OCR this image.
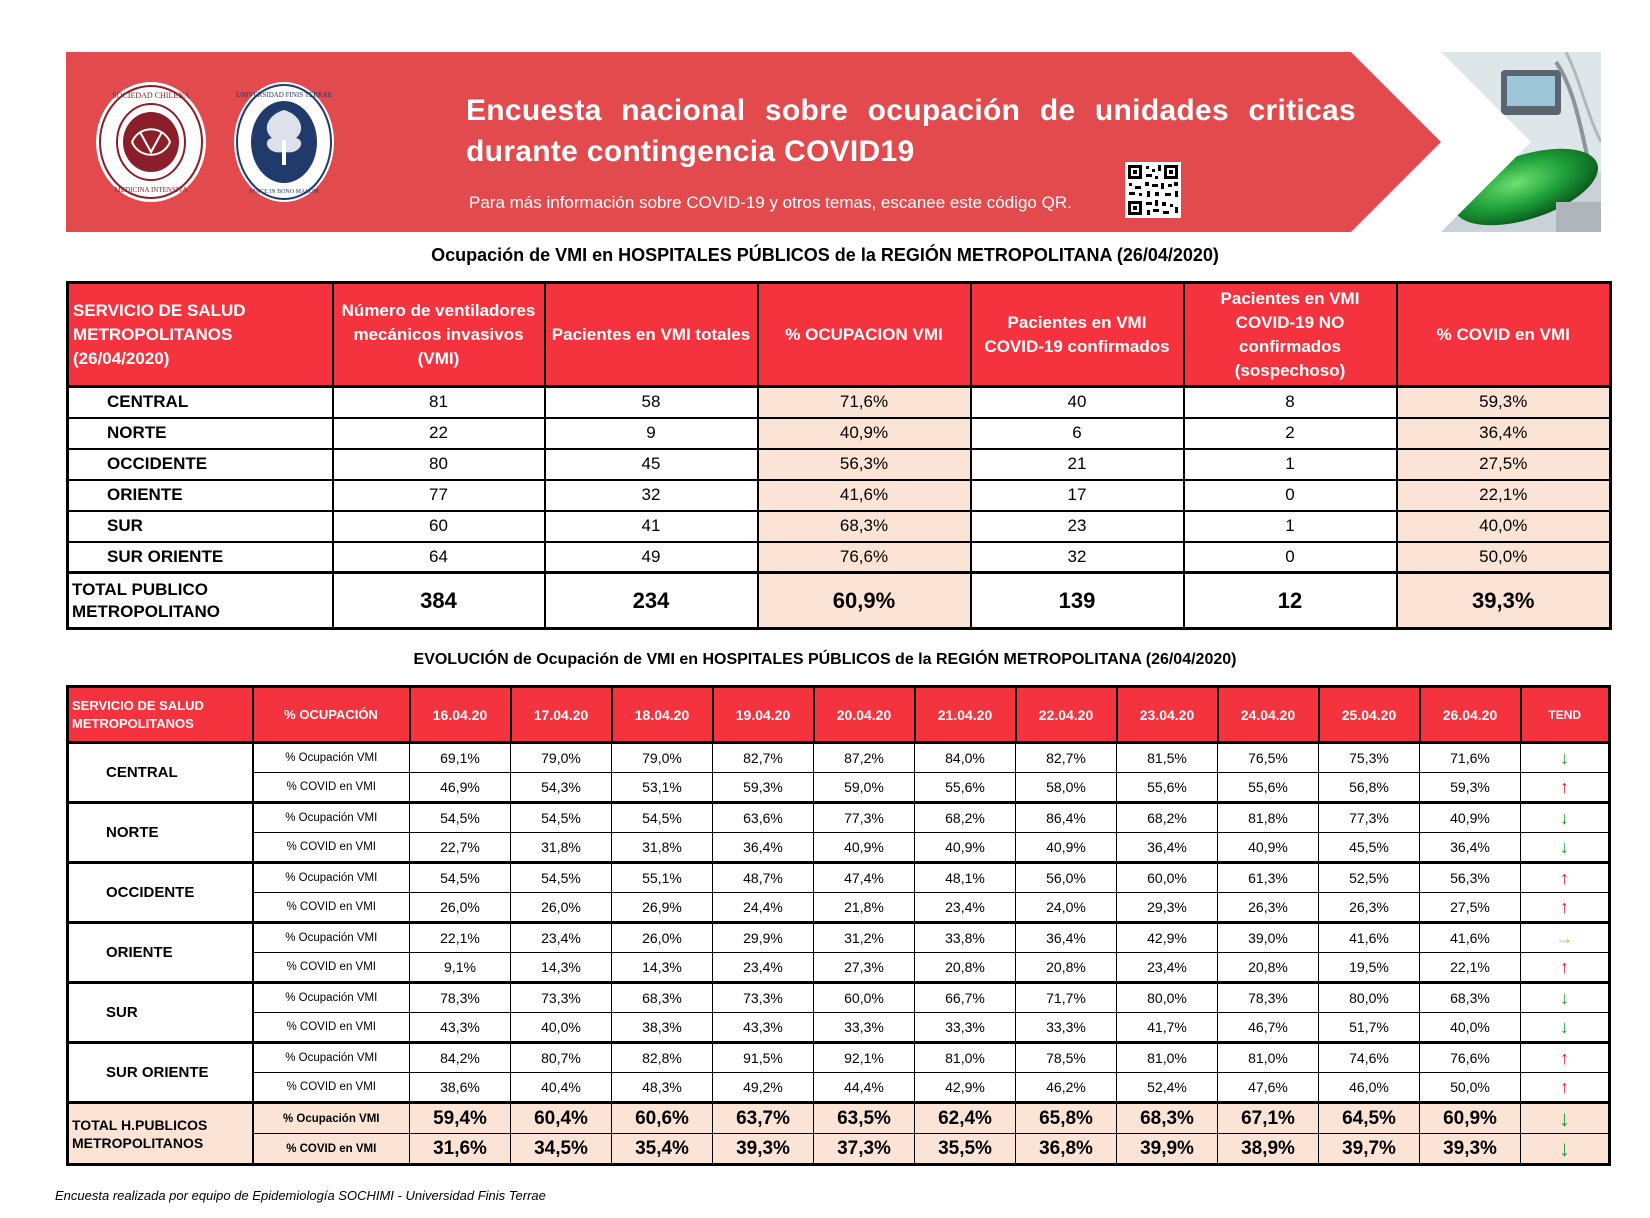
SOCIEDAD CHILENA
MEDICINA INTENSIVA
UNIVERSIDAD FINIS TERRAE
VINCE IN BONO MALUM
Encuesta nacional sobre ocupación de unidades criticas durante contingencia COVID19
Para más información sobre COVID-19 y otros temas, escanee este código QR.
Ocupación de VMI en HOSPITALES PÚBLICOS de la REGIÓN METROPOLITANA (26/04/2020)
SERVICIO DE SALUD METROPOLITANOS (26/04/2020)	Número de ventiladores mecánicos invasivos (VMI)	Pacientes en VMI totales	% OCUPACION VMI	Pacientes en VMI COVID-19 confirmados	Pacientes en VMI COVID-19 NO confirmados (sospechoso)	% COVID en VMI
CENTRAL	81	58	71,6%	40	8	59,3%
NORTE	22	9	40,9%	6	2	36,4%
OCCIDENTE	80	45	56,3%	21	1	27,5%
ORIENTE	77	32	41,6%	17	0	22,1%
SUR	60	41	68,3%	23	1	40,0%
SUR ORIENTE	64	49	76,6%	32	0	50,0%
TOTAL PUBLICO METROPOLITANO	384	234	60,9%	139	12	39,3%
EVOLUCIÓN de Ocupación de VMI en HOSPITALES PÚBLICOS de la REGIÓN METROPOLITANA (26/04/2020)
SERVICIO DE SALUD METROPOLITANOS	% OCUPACIÓN	16.04.20	17.04.20	18.04.20	19.04.20	20.04.20	21.04.20	22.04.20	23.04.20	24.04.20	25.04.20	26.04.20	TEND
CENTRAL	% Ocupación VMI	69,1%	79,0%	79,0%	82,7%	87,2%	84,0%	82,7%	81,5%	76,5%	75,3%	71,6%	↓
	% COVID en VMI	46,9%	54,3%	53,1%	59,3%	59,0%	55,6%	58,0%	55,6%	55,6%	56,8%	59,3%	↑
NORTE	% Ocupación VMI	54,5%	54,5%	54,5%	63,6%	77,3%	68,2%	86,4%	68,2%	81,8%	77,3%	40,9%	↓
	% COVID en VMI	22,7%	31,8%	31,8%	36,4%	40,9%	40,9%	40,9%	36,4%	40,9%	45,5%	36,4%	↓
OCCIDENTE	% Ocupación VMI	54,5%	54,5%	55,1%	48,7%	47,4%	48,1%	56,0%	60,0%	61,3%	52,5%	56,3%	↑
	% COVID en VMI	26,0%	26,0%	26,9%	24,4%	21,8%	23,4%	24,0%	29,3%	26,3%	26,3%	27,5%	↑
ORIENTE	% Ocupación VMI	22,1%	23,4%	26,0%	29,9%	31,2%	33,8%	36,4%	42,9%	39,0%	41,6%	41,6%	→
	% COVID en VMI	9,1%	14,3%	14,3%	23,4%	27,3%	20,8%	20,8%	23,4%	20,8%	19,5%	22,1%	↑
SUR	% Ocupación VMI	78,3%	73,3%	68,3%	73,3%	60,0%	66,7%	71,7%	80,0%	78,3%	80,0%	68,3%	↓
	% COVID en VMI	43,3%	40,0%	38,3%	43,3%	33,3%	33,3%	33,3%	41,7%	46,7%	51,7%	40,0%	↓
SUR ORIENTE	% Ocupación VMI	84,2%	80,7%	82,8%	91,5%	92,1%	81,0%	78,5%	81,0%	81,0%	74,6%	76,6%	↑
	% COVID en VMI	38,6%	40,4%	48,3%	49,2%	44,4%	42,9%	46,2%	52,4%	47,6%	46,0%	50,0%	↑
TOTAL H.PUBLICOS METROPOLITANOS	% Ocupación VMI	59,4%	60,4%	60,6%	63,7%	63,5%	62,4%	65,8%	68,3%	67,1%	64,5%	60,9%	↓
	% COVID en VMI	31,6%	34,5%	35,4%	39,3%	37,3%	35,5%	36,8%	39,9%	38,9%	39,7%	39,3%	↓
Encuesta realizada por equipo de Epidemiología SOCHIMI - Universidad Finis Terrae
